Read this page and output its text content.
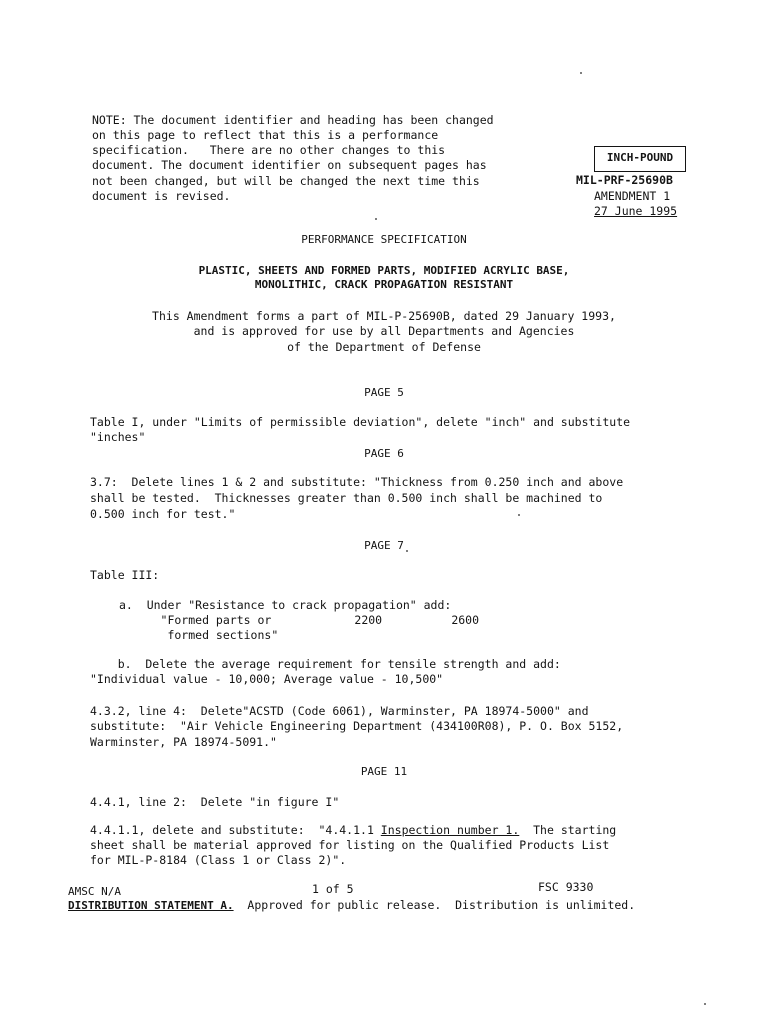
NOTE: The document identifier and heading has been changed
on this page to reflect that this is a performance
specification.   There are no other changes to this
document. The document identifier on subsequent pages has
not been changed, but will be changed the next time this
document is revised.
INCH-POUND
MIL-PRF-25690B
AMENDMENT 1
27 June 1995
PERFORMANCE SPECIFICATION
PLASTIC, SHEETS AND FORMED PARTS, MODIFIED ACRYLIC BASE,
MONOLITHIC, CRACK PROPAGATION RESISTANT
This Amendment forms a part of MIL-P-25690B, dated 29 January 1993,
and is approved for use by all Departments and Agencies
of the Department of Defense
PAGE 5
Table I, under "Limits of permissible deviation", delete "inch" and substitute
"inches"
PAGE 6
3.7:  Delete lines 1 & 2 and substitute: "Thickness from 0.250 inch and above
shall be tested.  Thicknesses greater than 0.500 inch shall be machined to
0.500 inch for test."
PAGE 7
Table III:
a.  Under "Resistance to crack propagation" add:
"Formed parts or            2200          2600
formed sections"
b.  Delete the average requirement for tensile strength and add:
"Individual value - 10,000; Average value - 10,500"
4.3.2, line 4:  Delete"ACSTD (Code 6061), Warminster, PA 18974-5000" and
substitute:  "Air Vehicle Engineering Department (434100R08), P. O. Box 5152,
Warminster, PA 18974-5091."
PAGE 11
4.4.1, line 2:  Delete "in figure I"
4.4.1.1, delete and substitute:  "4.4.1.1 Inspection number 1.  The starting
sheet shall be material approved for listing on the Qualified Products List
for MIL-P-8184 (Class 1 or Class 2)".
AMSC N/A	1 of 5	FSC 9330
DISTRIBUTION STATEMENT A.  Approved for public release.  Distribution is unlimited.
